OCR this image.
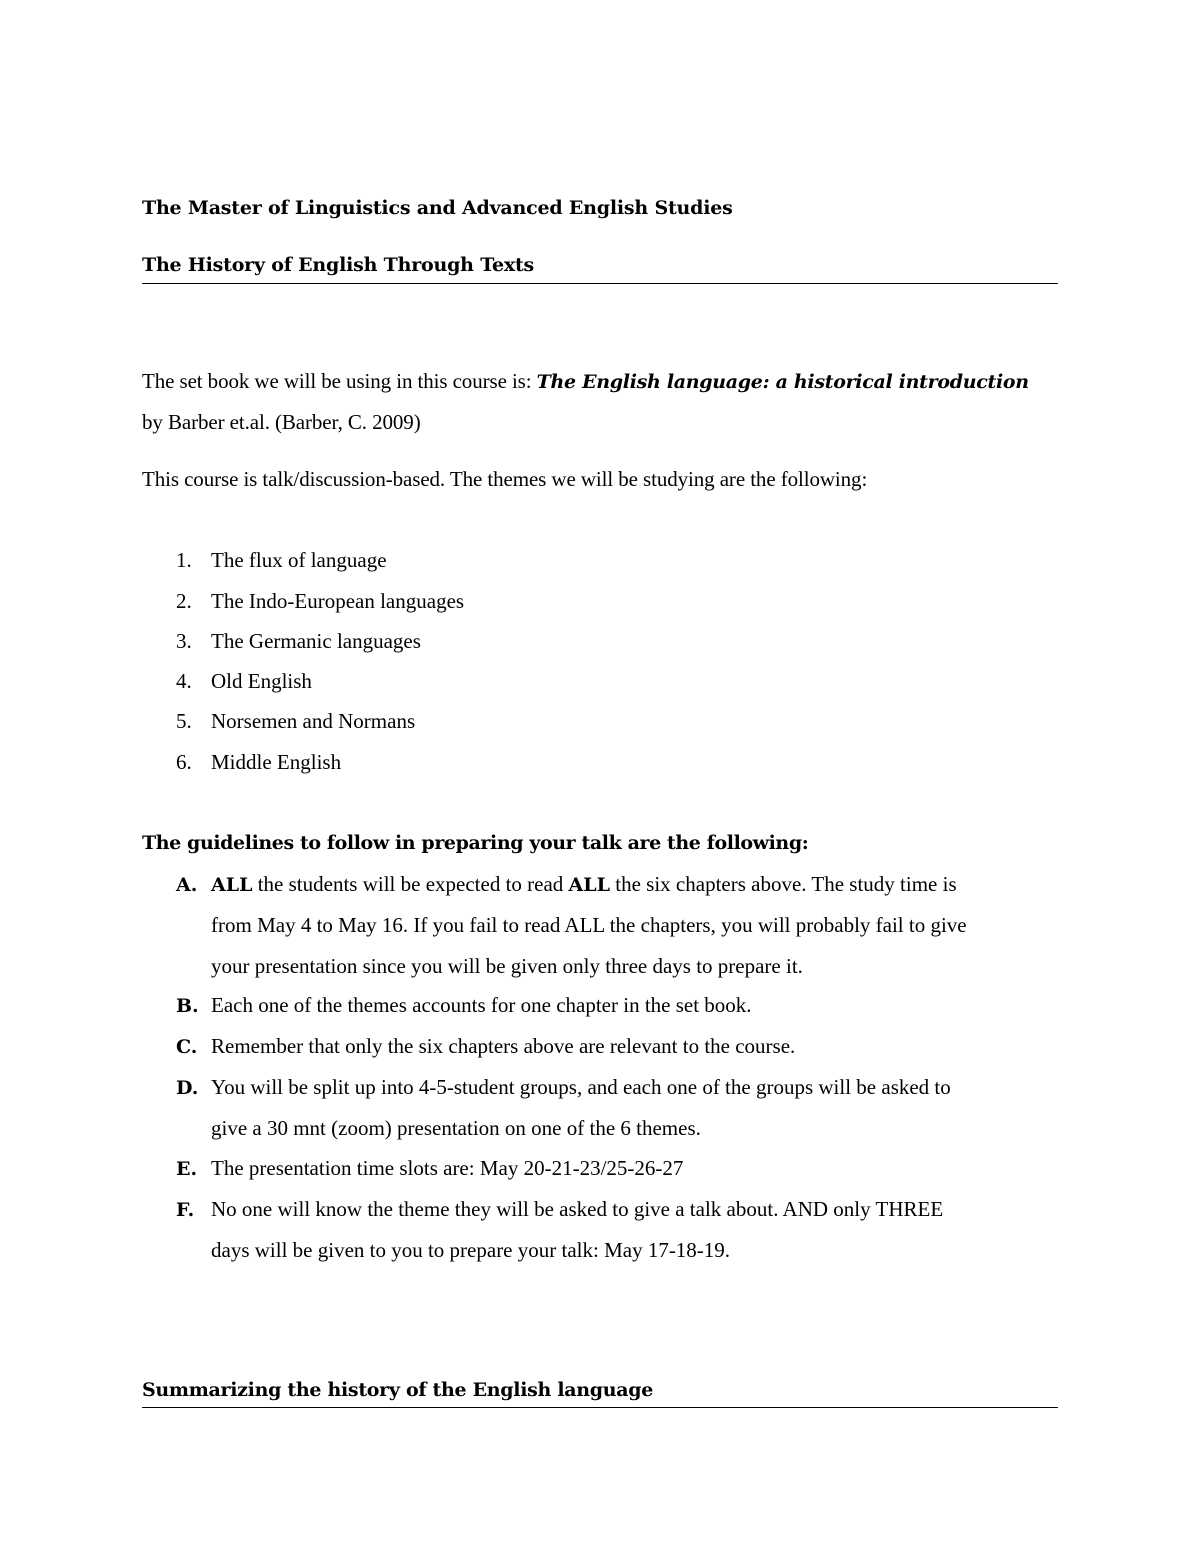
The Master of Linguistics and Advanced English Studies
The History of English Through Texts
The set book we will be using in this course is: The English language: a historical introduction
by Barber et.al. (Barber, C. 2009)
This course is talk/discussion-based. The themes we will be studying are the following:
1. The flux of language
2. The Indo-European languages
3. The Germanic languages
4. Old English
5. Norsemen and Normans
6. Middle English
The guidelines to follow in preparing your talk are the following:
A. ALL the students will be expected to read ALL the six chapters above. The study time is
from May 4 to May 16. If you fail to read ALL the chapters, you will probably fail to give
your presentation since you will be given only three days to prepare it.
B. Each one of the themes accounts for one chapter in the set book.
C. Remember that only the six chapters above are relevant to the course.
D. You will be split up into 4-5-student groups, and each one of the groups will be asked to
give a 30 mnt (zoom) presentation on one of the 6 themes.
E. The presentation time slots are: May 20-21-23/25-26-27
F. No one will know the theme they will be asked to give a talk about. AND only THREE
days will be given to you to prepare your talk: May 17-18-19.
Summarizing the history of the English language
